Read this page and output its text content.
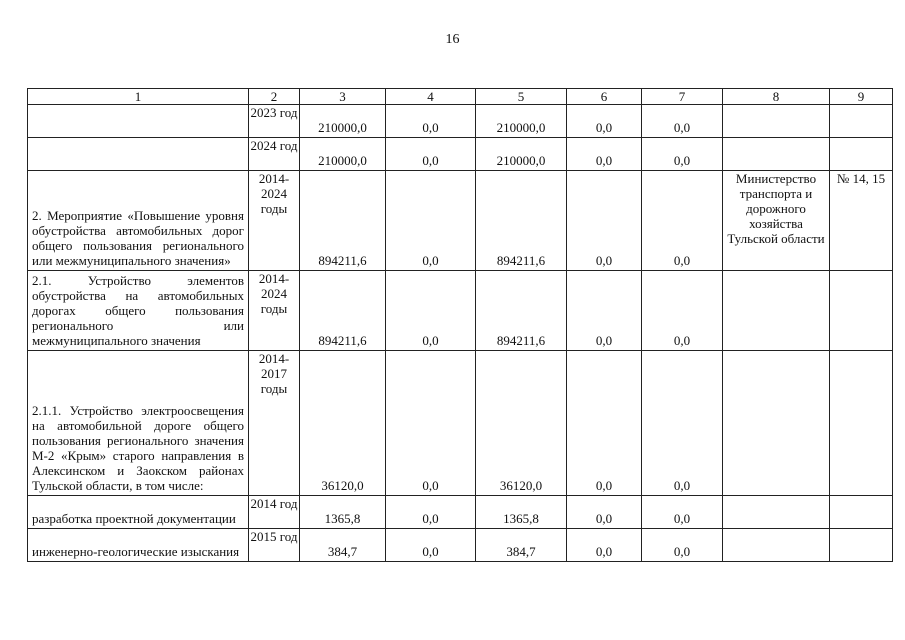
16
1	2	3	4	5	6	7	8	9
	2023 год	210000,0	0,0	210000,0	0,0	0,0		
	2024 год	210000,0	0,0	210000,0	0,0	0,0		
2. Мероприятие «Повышение уровня обустройства автомобильных дорог общего пользования регионального или межмуниципального значения»	2014-2024 годы	894211,6	0,0	894211,6	0,0	0,0	Министерство транспорта и дорожного хозяйства Тульской области	№ 14, 15
2.1. Устройство элементов обустройства на автомобильных дорогах общего пользования регионального или межмуниципального значения	2014-2024 годы	894211,6	0,0	894211,6	0,0	0,0		
2.1.1. Устройство электроосвещения на автомобильной дороге общего пользования регионального значения М-2 «Крым» старого направления в Алексинском и Заокском районах Тульской области, в том числе:	2014-2017 годы	36120,0	0,0	36120,0	0,0	0,0		
разработка проектной документации	2014 год	1365,8	0,0	1365,8	0,0	0,0		
инженерно-геологические изыскания	2015 год	384,7	0,0	384,7	0,0	0,0		
